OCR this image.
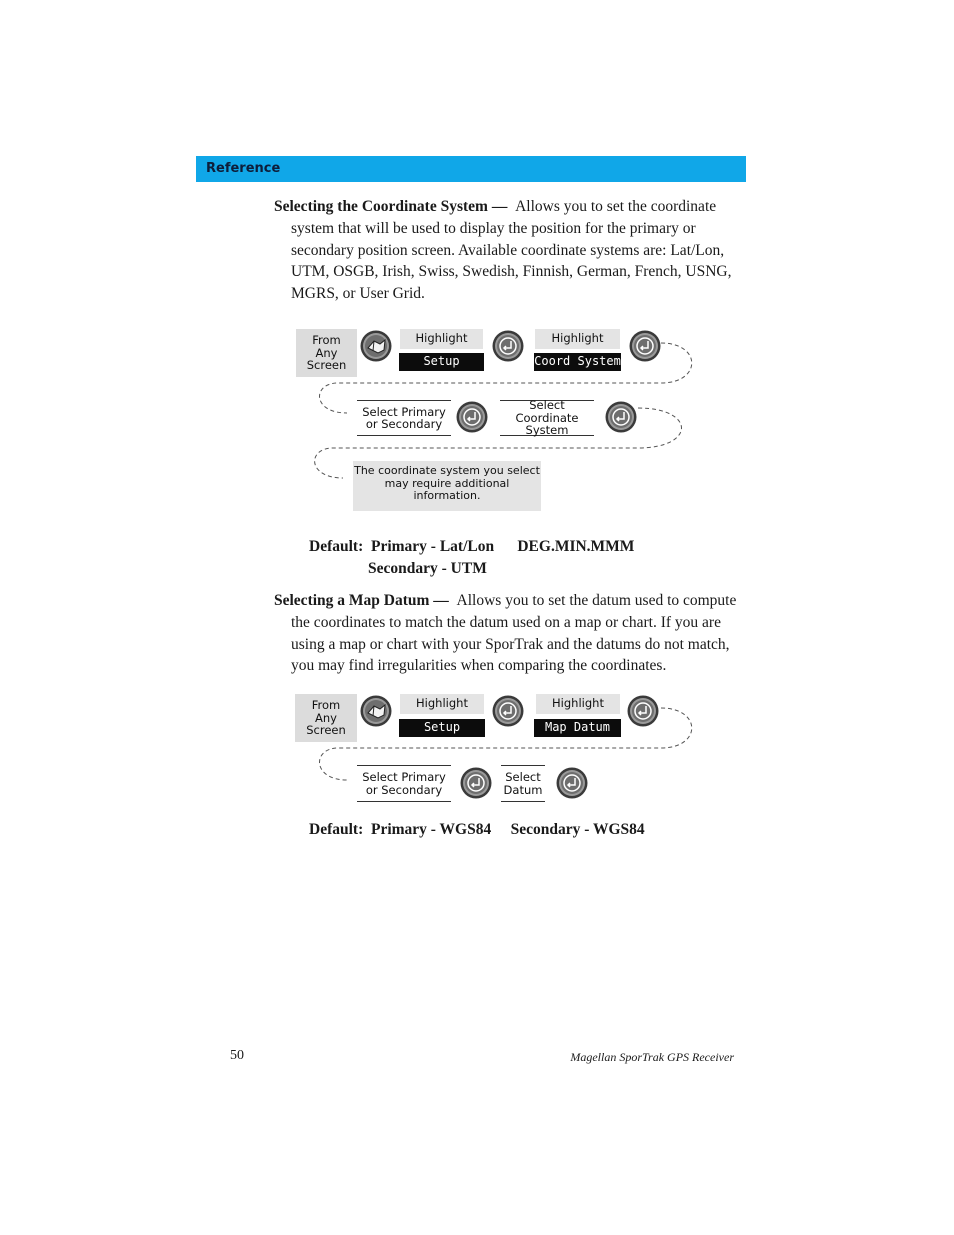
Reference
Selecting the Coordinate System — Allows you to set the coordinate system that will be used to display the position for the primary or secondary position screen. Available coordinate systems are: Lat/Lon, UTM, OSGB, Irish, Swiss, Swedish, Finnish, German, French, USNG, MGRS, or User Grid.
From Any Screen
Highlight
Setup
Highlight
Coord System
Select Primary or Secondary
Select Coordinate System
The coordinate system you select may require additional information.
Default:  Primary - Lat/Lon      DEG.MIN.MMM
Secondary - UTM
Selecting a Map Datum — Allows you to set the datum used to compute the coordinates to match the datum used on a map or chart. If you are using a map or chart with your SporTrak and the datums do not match, you may find irregularities when comparing the coordinates.
From Any Screen
Highlight
Setup
Highlight
Map Datum
Select Primary or Secondary
Select Datum
Default:  Primary - WGS84     Secondary - WGS84
50	Magellan SporTrak GPS Receiver
